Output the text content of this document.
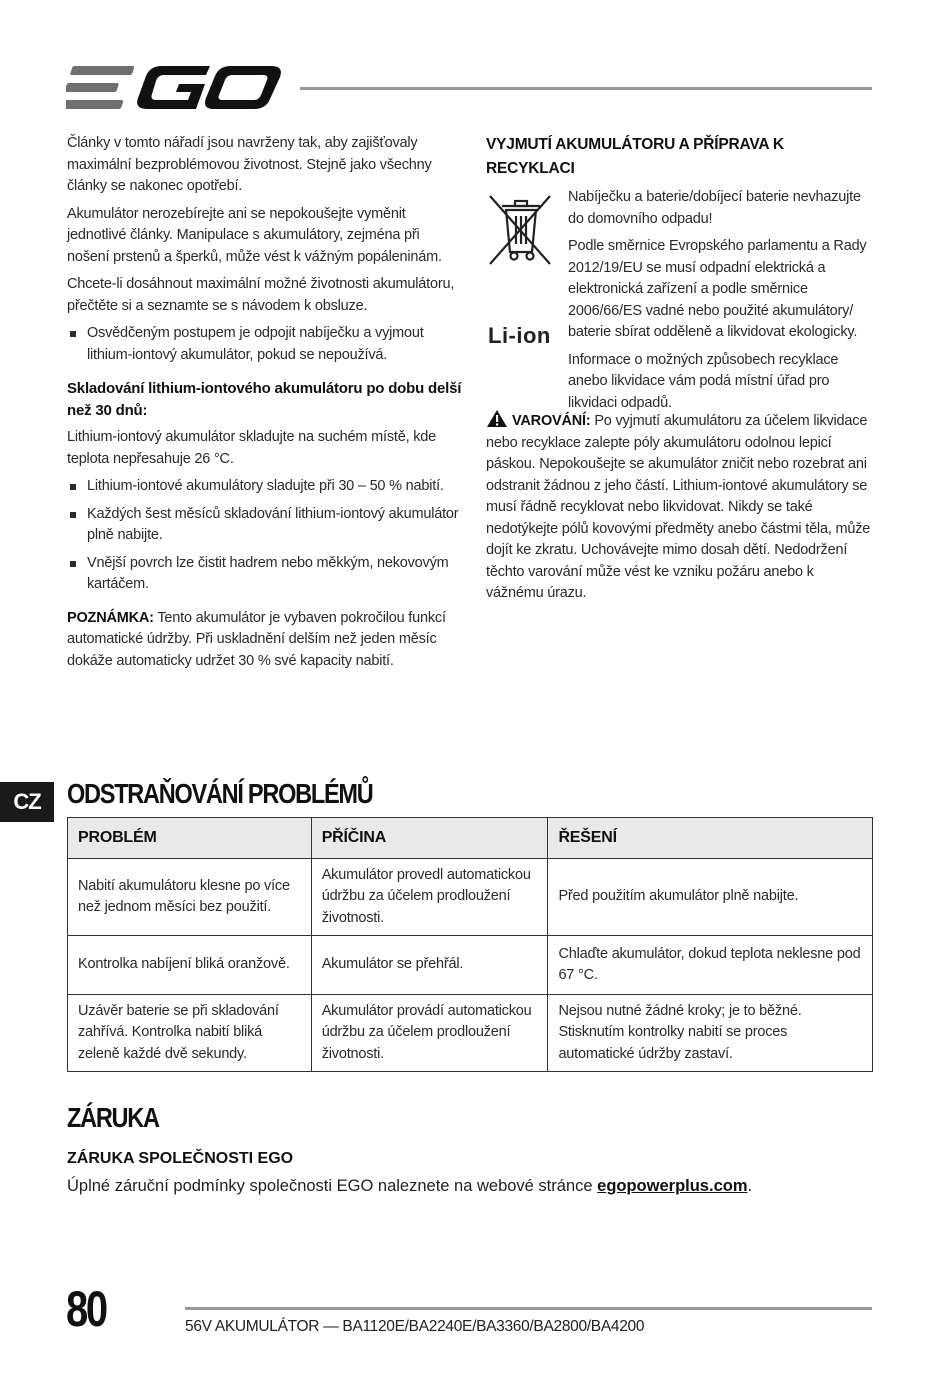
Články v tomto nářadí jsou navrženy tak, aby zajišťovaly maximální bezproblémovou životnost. Stejně jako všechny články se nakonec opotřebí.

Akumulátor nerozebírejte ani se nepokoušejte vyměnit jednotlivé články. Manipulace s akumulátory, zejména při nošení prstenů a šperků, může vést k vážným popáleninám.

Chcete-li dosáhnout maximální možné životnosti akumulátoru, přečtěte si a seznamte se s návodem k obsluze.

Osvědčeným postupem je odpojit nabíječku a vyjmout lithium-iontový akumulátor, pokud se nepoužívá.

Skladování lithium-iontového akumulátoru po dobu delší než 30 dnů:

Lithium-iontový akumulátor skladujte na suchém místě, kde teplota nepřesahuje 26 °C.

Lithium-iontové akumulátory sladujte při 30 – 50 % nabití.
Každých šest měsíců skladování lithium-iontový akumulátor plně nabijte.
Vnější povrch lze čistit hadrem nebo měkkým, nekovovým kartáčem.

POZNÁMKA: Tento akumulátor je vybaven pokročilou funkcí automatické údržby. Při uskladnění delším než jeden měsíc dokáže automaticky udržet 30 % své kapacity nabití.

VYJMUTÍ AKUMULÁTORU A PŘÍPRAVA K RECYKLACI
Li-ion

Nabíječku a baterie/dobíjecí baterie nevhazujte do domovního odpadu!

Podle směrnice Evropského parlamentu a Rady 2012/19/EU se musí odpadní elektrická a elektronická zařízení a podle směrnice 2006/66/ES vadné nebo použité akumulátory/ baterie sbírat odděleně a likvidovat ekologicky.

Informace o možných způsobech recyklace anebo likvidace vám podá místní úřad pro likvidaci odpadů.

VAROVÁNÍ: Po vyjmutí akumulátoru za účelem likvidace nebo recyklace zalepte póly akumulátoru odolnou lepicí páskou. Nepokoušejte se akumulátor zničit nebo rozebrat ani odstranit žádnou z jeho částí. Lithium-iontové akumulátory se musí řádně recyklovat nebo likvidovat. Nikdy se také nedotýkejte pólů kovovými předměty anebo částmi těla, může dojít ke zkratu. Uchovávejte mimo dosah dětí. Nedodržení těchto varování může vést ke vzniku požáru anebo k vážnému úrazu.

CZ ODSTRAŇOVÁNÍ PROBLÉMŮ
PROBLÉM	PŘÍČINA	ŘEŠENÍ
Nabití akumulátoru klesne po více než jednom měsíci bez použití.	Akumulátor provedl automatickou údržbu za účelem prodloužení životnosti.	Před použitím akumulátor plně nabijte.
Kontrolka nabíjení bliká oranžově.	Akumulátor se přehřál.	Chlaďte akumulátor, dokud teplota neklesne pod 67 °C.
Uzávěr baterie se při skladování zahřívá. Kontrolka nabití bliká zeleně každé dvě sekundy.	Akumulátor provádí automatickou údržbu za účelem prodloužení životnosti.	Nejsou nutné žádné kroky; je to běžné. Stisknutím kontrolky nabití se proces automatické údržby zastaví.
ZÁRUKA
ZÁRUKA SPOLEČNOSTI EGO
Úplné záruční podmínky společnosti EGO naleznete na webové stránce egopowerplus.com.
80	56V AKUMULÁTOR — BA1120E/BA2240E/BA3360/BA2800/BA4200
